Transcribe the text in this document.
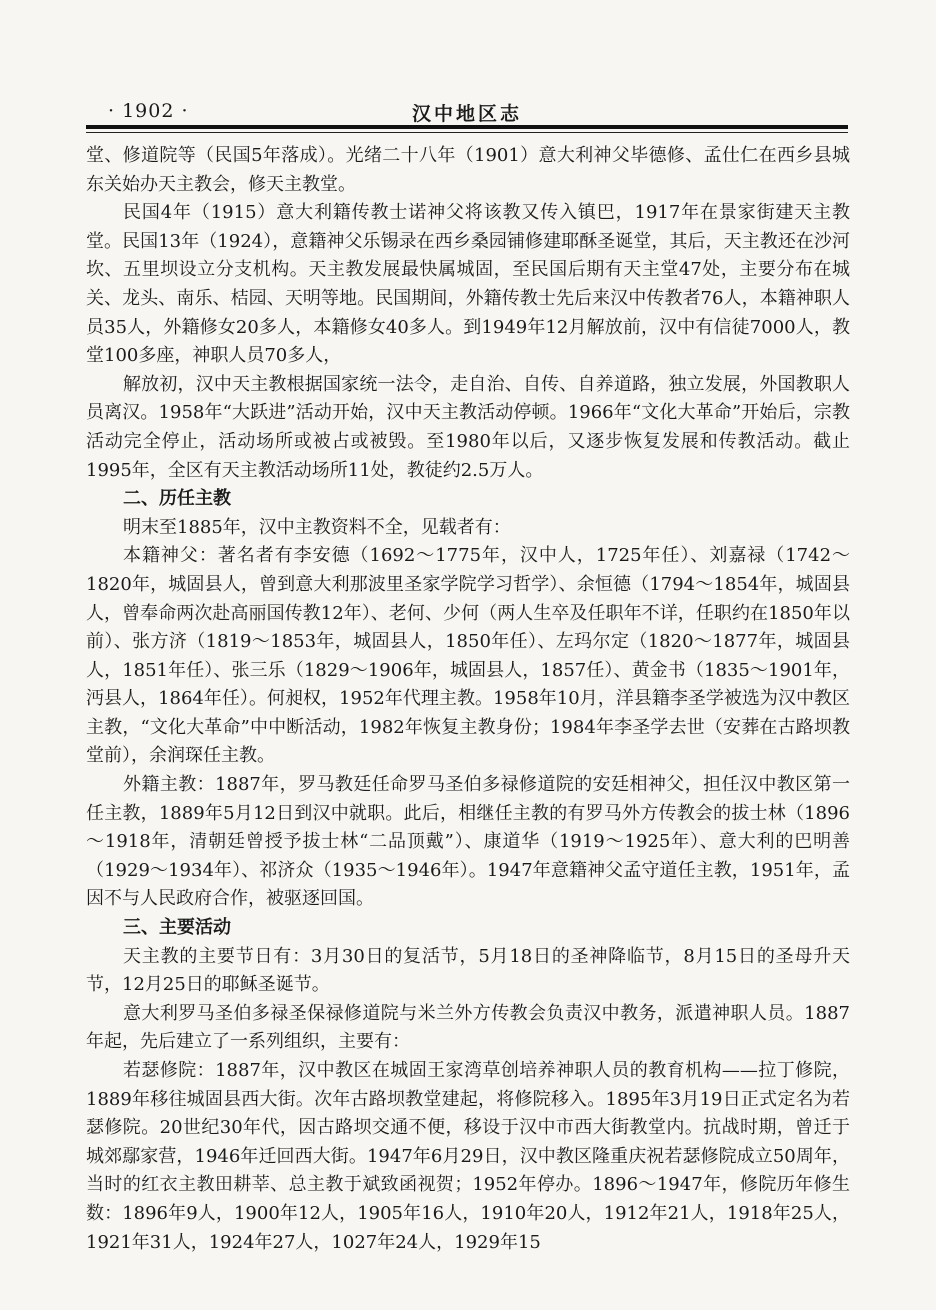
· 1902 ·	汉中地区志

堂、修道院等（民国5年落成）。光绪二十八年（1901）意大利神父毕德修、孟仕仁在西乡县城东关始办天主教会，修天主教堂。

民国4年（1915）意大利籍传教士诺神父将该教又传入镇巴，1917年在景家街建天主教堂。民国13年（1924），意籍神父乐锡录在西乡桑园铺修建耶酥圣诞堂，其后，天主教还在沙河坎、五里坝设立分支机构。天主教发展最快属城固，至民国后期有天主堂47处，主要分布在城关、龙头、南乐、桔园、天明等地。民国期间，外籍传教士先后来汉中传教者76人，本籍神职人员35人，外籍修女20多人，本籍修女40多人。到1949年12月解放前，汉中有信徒7000人，教堂100多座，神职人员70多人，

解放初，汉中天主教根据国家统一法令，走自治、自传、自养道路，独立发展，外国教职人员离汉。1958年“大跃进”活动开始，汉中天主教活动停顿。1966年“文化大革命”开始后，宗教活动完全停止，活动场所或被占或被毁。至1980年以后，又逐步恢复发展和传教活动。截止1995年，全区有天主教活动场所11处，教徒约2.5万人。

二、历任主教

明末至1885年，汉中主教资料不全，见载者有：

本籍神父：著名者有李安德（1692～1775年，汉中人，1725年任）、刘嘉禄（1742～1820年，城固县人，曾到意大利那波里圣家学院学习哲学）、余恒德（1794～1854年，城固县人，曾奉命两次赴高丽国传教12年）、老何、少何（两人生卒及任职年不详，任职约在1850年以前）、张方济（1819～1853年，城固县人，1850年任）、左玛尔定（1820～1877年，城固县人，1851年任）、张三乐（1829～1906年，城固县人，1857任）、黄金书（1835～1901年，沔县人，1864年任）。何昶权，1952年代理主教。1958年10月，洋县籍李圣学被选为汉中教区主教，“文化大革命”中中断活动，1982年恢复主教身份；1984年李圣学去世（安葬在古路坝教堂前），余润琛任主教。

外籍主教：1887年，罗马教廷任命罗马圣伯多禄修道院的安廷相神父，担任汉中教区第一任主教，1889年5月12日到汉中就职。此后，相继任主教的有罗马外方传教会的拔士林（1896～1918年，清朝廷曾授予拔士林“二品顶戴”）、康道华（1919～1925年）、意大利的巴明善（1929～1934年）、祁济众（1935～1946年）。1947年意籍神父孟守道任主教，1951年，孟因不与人民政府合作，被驱逐回国。

三、主要活动

天主教的主要节日有：3月30日的复活节，5月18日的圣神降临节，8月15日的圣母升天节，12月25日的耶稣圣诞节。

意大利罗马圣伯多禄圣保禄修道院与米兰外方传教会负责汉中教务，派遣神职人员。1887年起，先后建立了一系列组织，主要有：

若瑟修院：1887年，汉中教区在城固王家湾草创培养神职人员的教育机构——拉丁修院，1889年移往城固县西大街。次年古路坝教堂建起，将修院移入。1895年3月19日正式定名为若瑟修院。20世纪30年代，因古路坝交通不便，移设于汉中市西大街教堂内。抗战时期，曾迁于城郊鄢家营，1946年迁回西大街。1947年6月29日，汉中教区隆重庆祝若瑟修院成立50周年，当时的红衣主教田耕莘、总主教于斌致函视贺；1952年停办。1896～1947年，修院历年修生数：1896年9人，1900年12人，1905年16人，1910年20人，1912年21人，1918年25人，1921年31人，1924年27人，1027年24人，1929年15
